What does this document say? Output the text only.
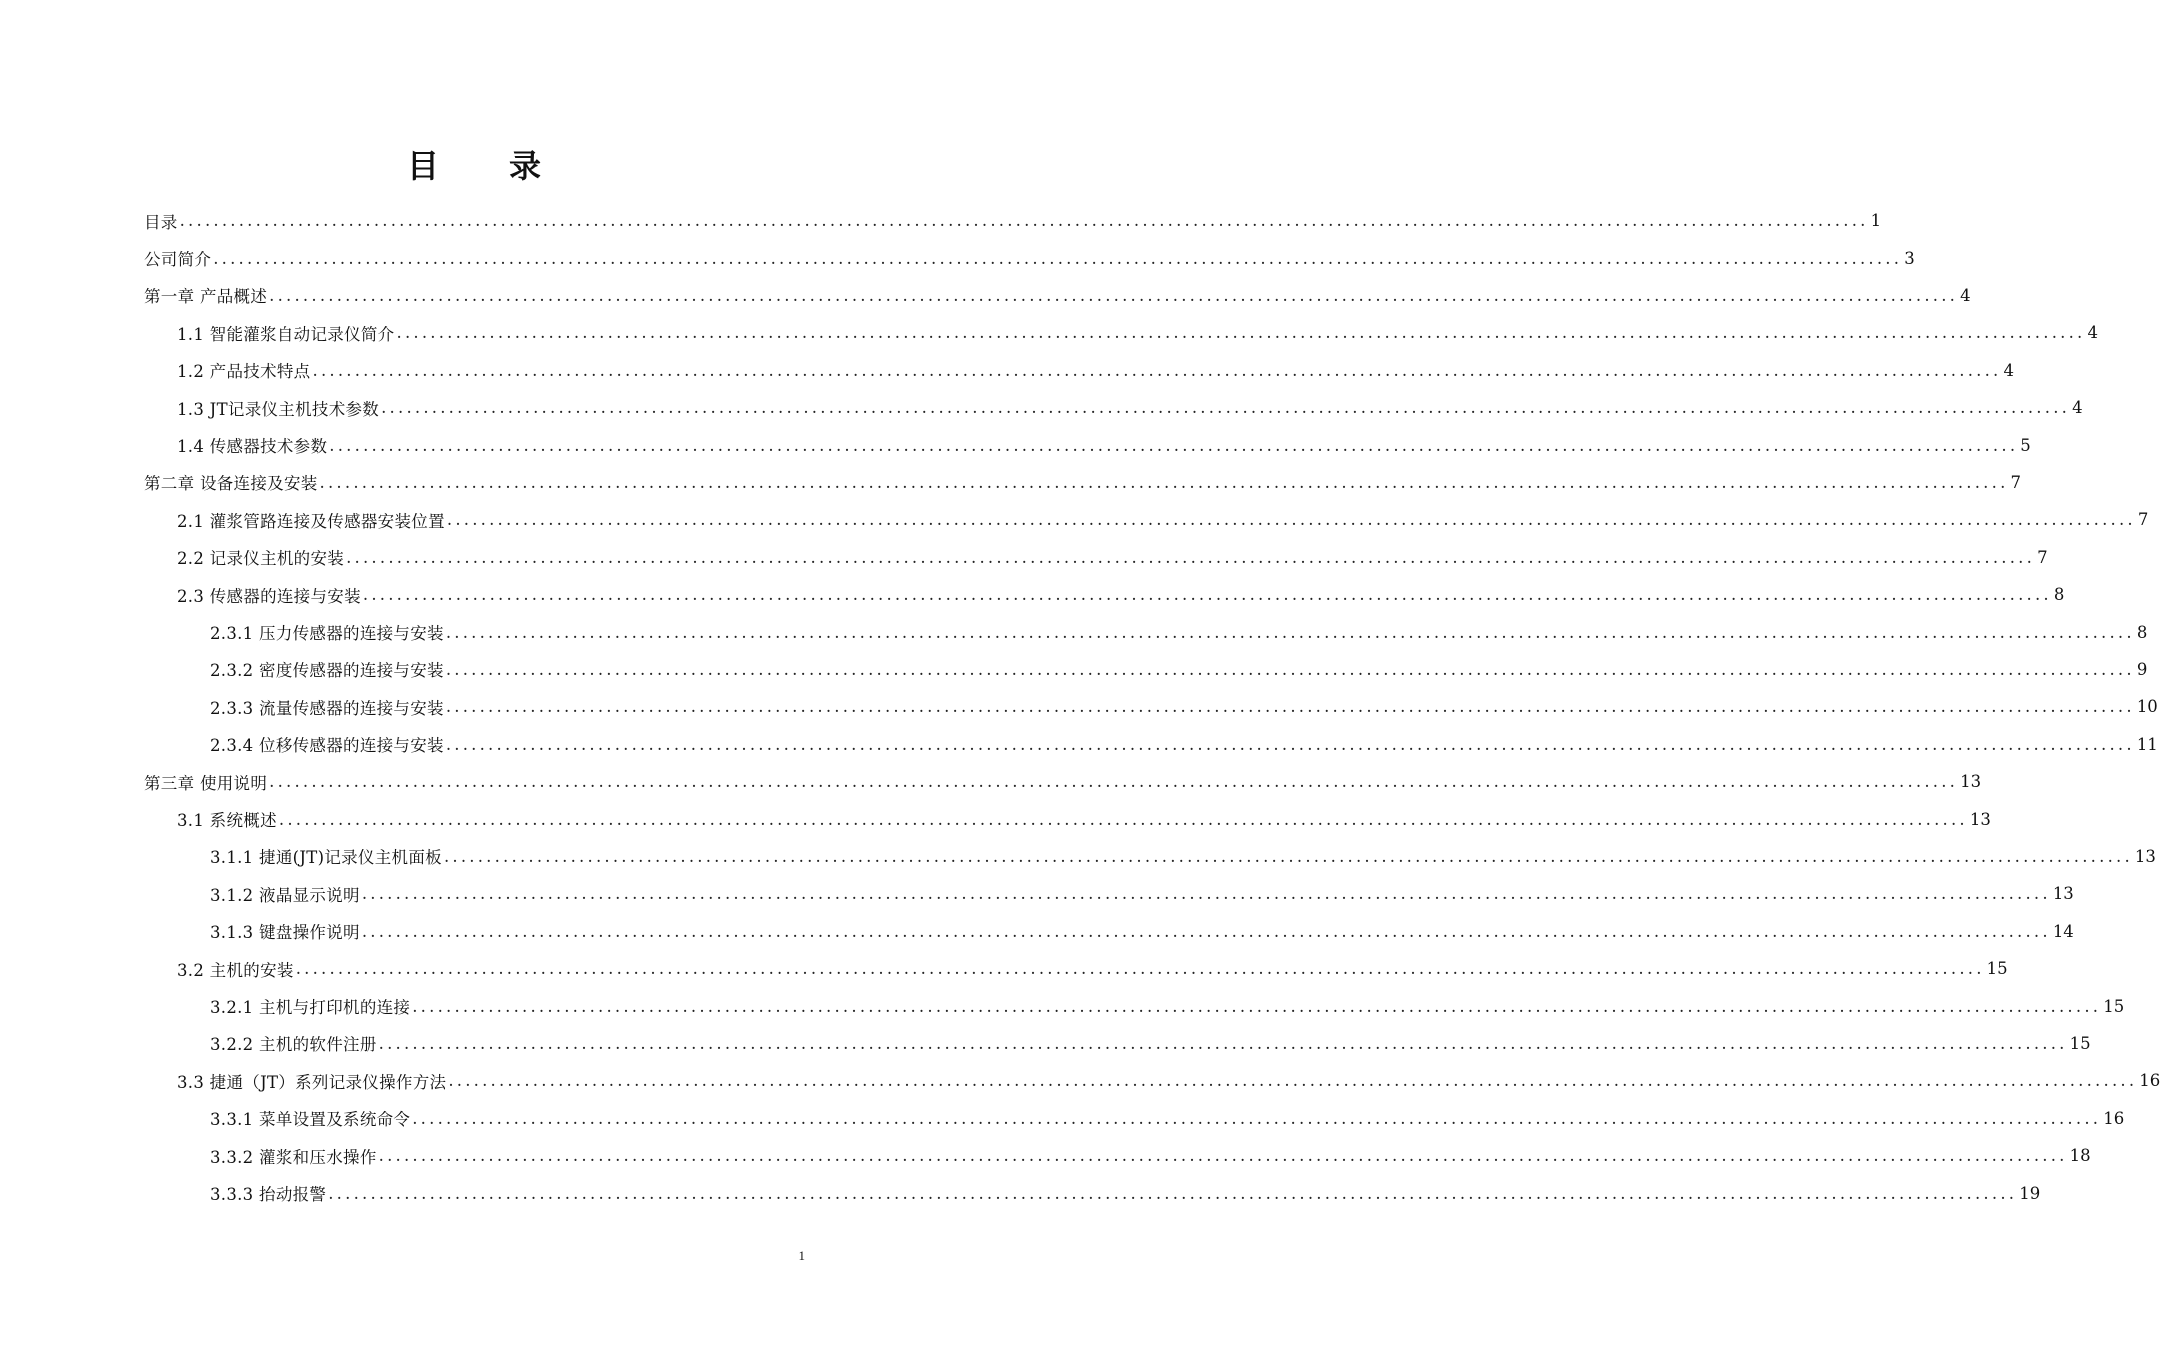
目　　录
目录 ........................................................................................................................................................................................................ 1
公司简介 ........................................................................................................................................................................................................ 3
第一章 产品概述 ........................................................................................................................................................................................................ 4
1.1 智能灌浆自动记录仪简介 ........................................................................................................................................................................................................ 4
1.2 产品技术特点 ........................................................................................................................................................................................................ 4
1.3 JT记录仪主机技术参数 ........................................................................................................................................................................................................ 4
1.4 传感器技术参数 ........................................................................................................................................................................................................ 5
第二章 设备连接及安装 ........................................................................................................................................................................................................ 7
2.1 灌浆管路连接及传感器安装位置 ........................................................................................................................................................................................................ 7
2.2 记录仪主机的安装 ........................................................................................................................................................................................................ 7
2.3 传感器的连接与安装 ........................................................................................................................................................................................................ 8
2.3.1 压力传感器的连接与安装 ........................................................................................................................................................................................................ 8
2.3.2 密度传感器的连接与安装 ........................................................................................................................................................................................................ 9
2.3.3 流量传感器的连接与安装 ........................................................................................................................................................................................................ 10
2.3.4 位移传感器的连接与安装 ........................................................................................................................................................................................................ 11
第三章 使用说明 ........................................................................................................................................................................................................ 13
3.1 系统概述 ........................................................................................................................................................................................................ 13
3.1.1 捷通(JT)记录仪主机面板 ........................................................................................................................................................................................................ 13
3.1.2 液晶显示说明 ........................................................................................................................................................................................................ 13
3.1.3 键盘操作说明 ........................................................................................................................................................................................................ 14
3.2 主机的安装 ........................................................................................................................................................................................................ 15
3.2.1 主机与打印机的连接 ........................................................................................................................................................................................................ 15
3.2.2 主机的软件注册 ........................................................................................................................................................................................................ 15
3.3 捷通（JT）系列记录仪操作方法 ........................................................................................................................................................................................................ 16
3.3.1 菜单设置及系统命令 ........................................................................................................................................................................................................ 16
3.3.2 灌浆和压水操作 ........................................................................................................................................................................................................ 18
3.3.3 抬动报警 ........................................................................................................................................................................................................ 19
1
